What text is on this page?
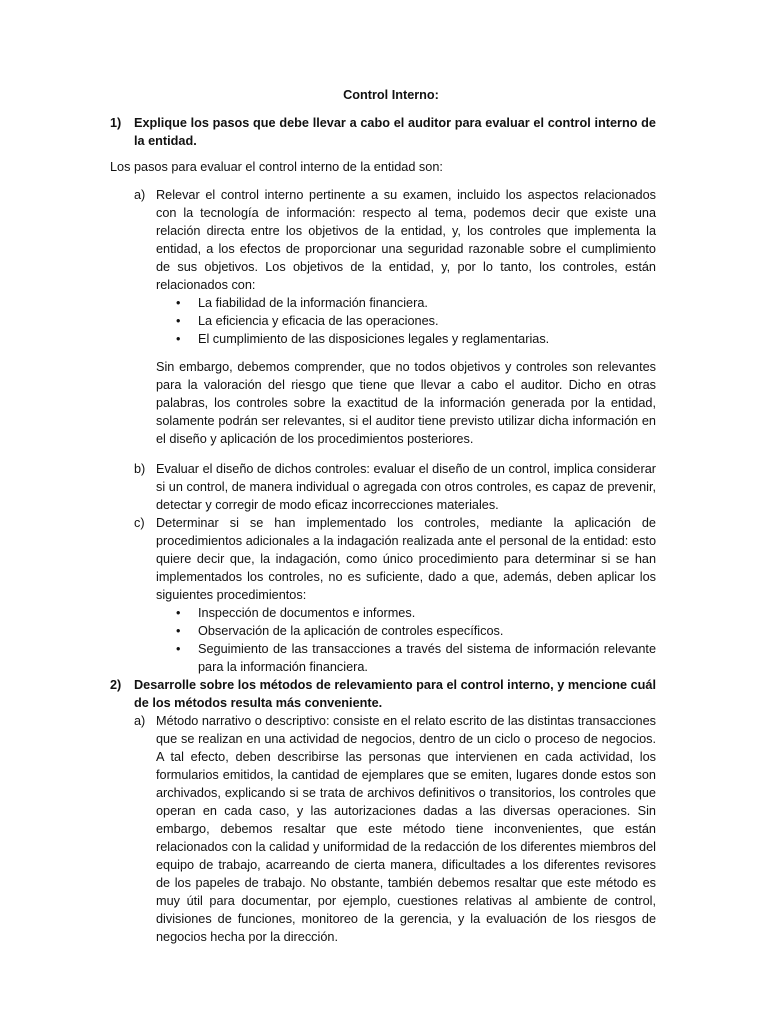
Control Interno:
1)	Explique los pasos que debe llevar a cabo el auditor para evaluar el control interno de la entidad.

Los pasos para evaluar el control interno de la entidad son:

a) Relevar el control interno pertinente a su examen, incluido los aspectos relacionados con la tecnología de información: respecto al tema, podemos decir que existe una relación directa entre los objetivos de la entidad, y, los controles que implementa la entidad, a los efectos de proporcionar una seguridad razonable sobre el cumplimiento de sus objetivos. Los objetivos de la entidad, y, por lo tanto, los controles, están relacionados con:

•	La fiabilidad de la información financiera.
•	La eficiencia y eficacia de las operaciones.
•	El cumplimiento de las disposiciones legales y reglamentarias.

Sin embargo, debemos comprender, que no todos objetivos y controles son relevantes para la valoración del riesgo que tiene que llevar a cabo el auditor. Dicho en otras palabras, los controles sobre la exactitud de la información generada por la entidad, solamente podrán ser relevantes, si el auditor tiene previsto utilizar dicha información en el diseño y aplicación de los procedimientos posteriores.

b) Evaluar el diseño de dichos controles: evaluar el diseño de un control, implica considerar si un control, de manera individual o agregada con otros controles, es capaz de prevenir, detectar y corregir de modo eficaz incorrecciones materiales.

c) Determinar si se han implementado los controles, mediante la aplicación de procedimientos adicionales a la indagación realizada ante el personal de la entidad: esto quiere decir que, la indagación, como único procedimiento para determinar si se han implementados los controles, no es suficiente, dado a que, además, deben aplicar los siguientes procedimientos:

•	Inspección de documentos e informes.
•	Observación de la aplicación de controles específicos.
•	Seguimiento de las transacciones a través del sistema de información relevante para la información financiera.
2)	Desarrolle sobre los métodos de relevamiento para el control interno, y mencione cuál de los métodos resulta más conveniente.
a) Método narrativo o descriptivo: consiste en el relato escrito de las distintas transacciones que se realizan en una actividad de negocios, dentro de un ciclo o proceso de negocios. A tal efecto, deben describirse las personas que intervienen en cada actividad, los formularios emitidos, la cantidad de ejemplares que se emiten, lugares donde estos son archivados, explicando si se trata de archivos definitivos o transitorios, los controles que operan en cada caso, y las autorizaciones dadas a las diversas operaciones. Sin embargo, debemos resaltar que este método tiene inconvenientes, que están relacionados con la calidad y uniformidad de la redacción de los diferentes miembros del equipo de trabajo, acarreando de cierta manera, dificultades a los diferentes revisores de los papeles de trabajo. No obstante, también debemos resaltar que este método es muy útil para documentar, por ejemplo, cuestiones relativas al ambiente de control, divisiones de funciones, monitoreo de la gerencia, y la evaluación de los riesgos de negocios hecha por la dirección.
